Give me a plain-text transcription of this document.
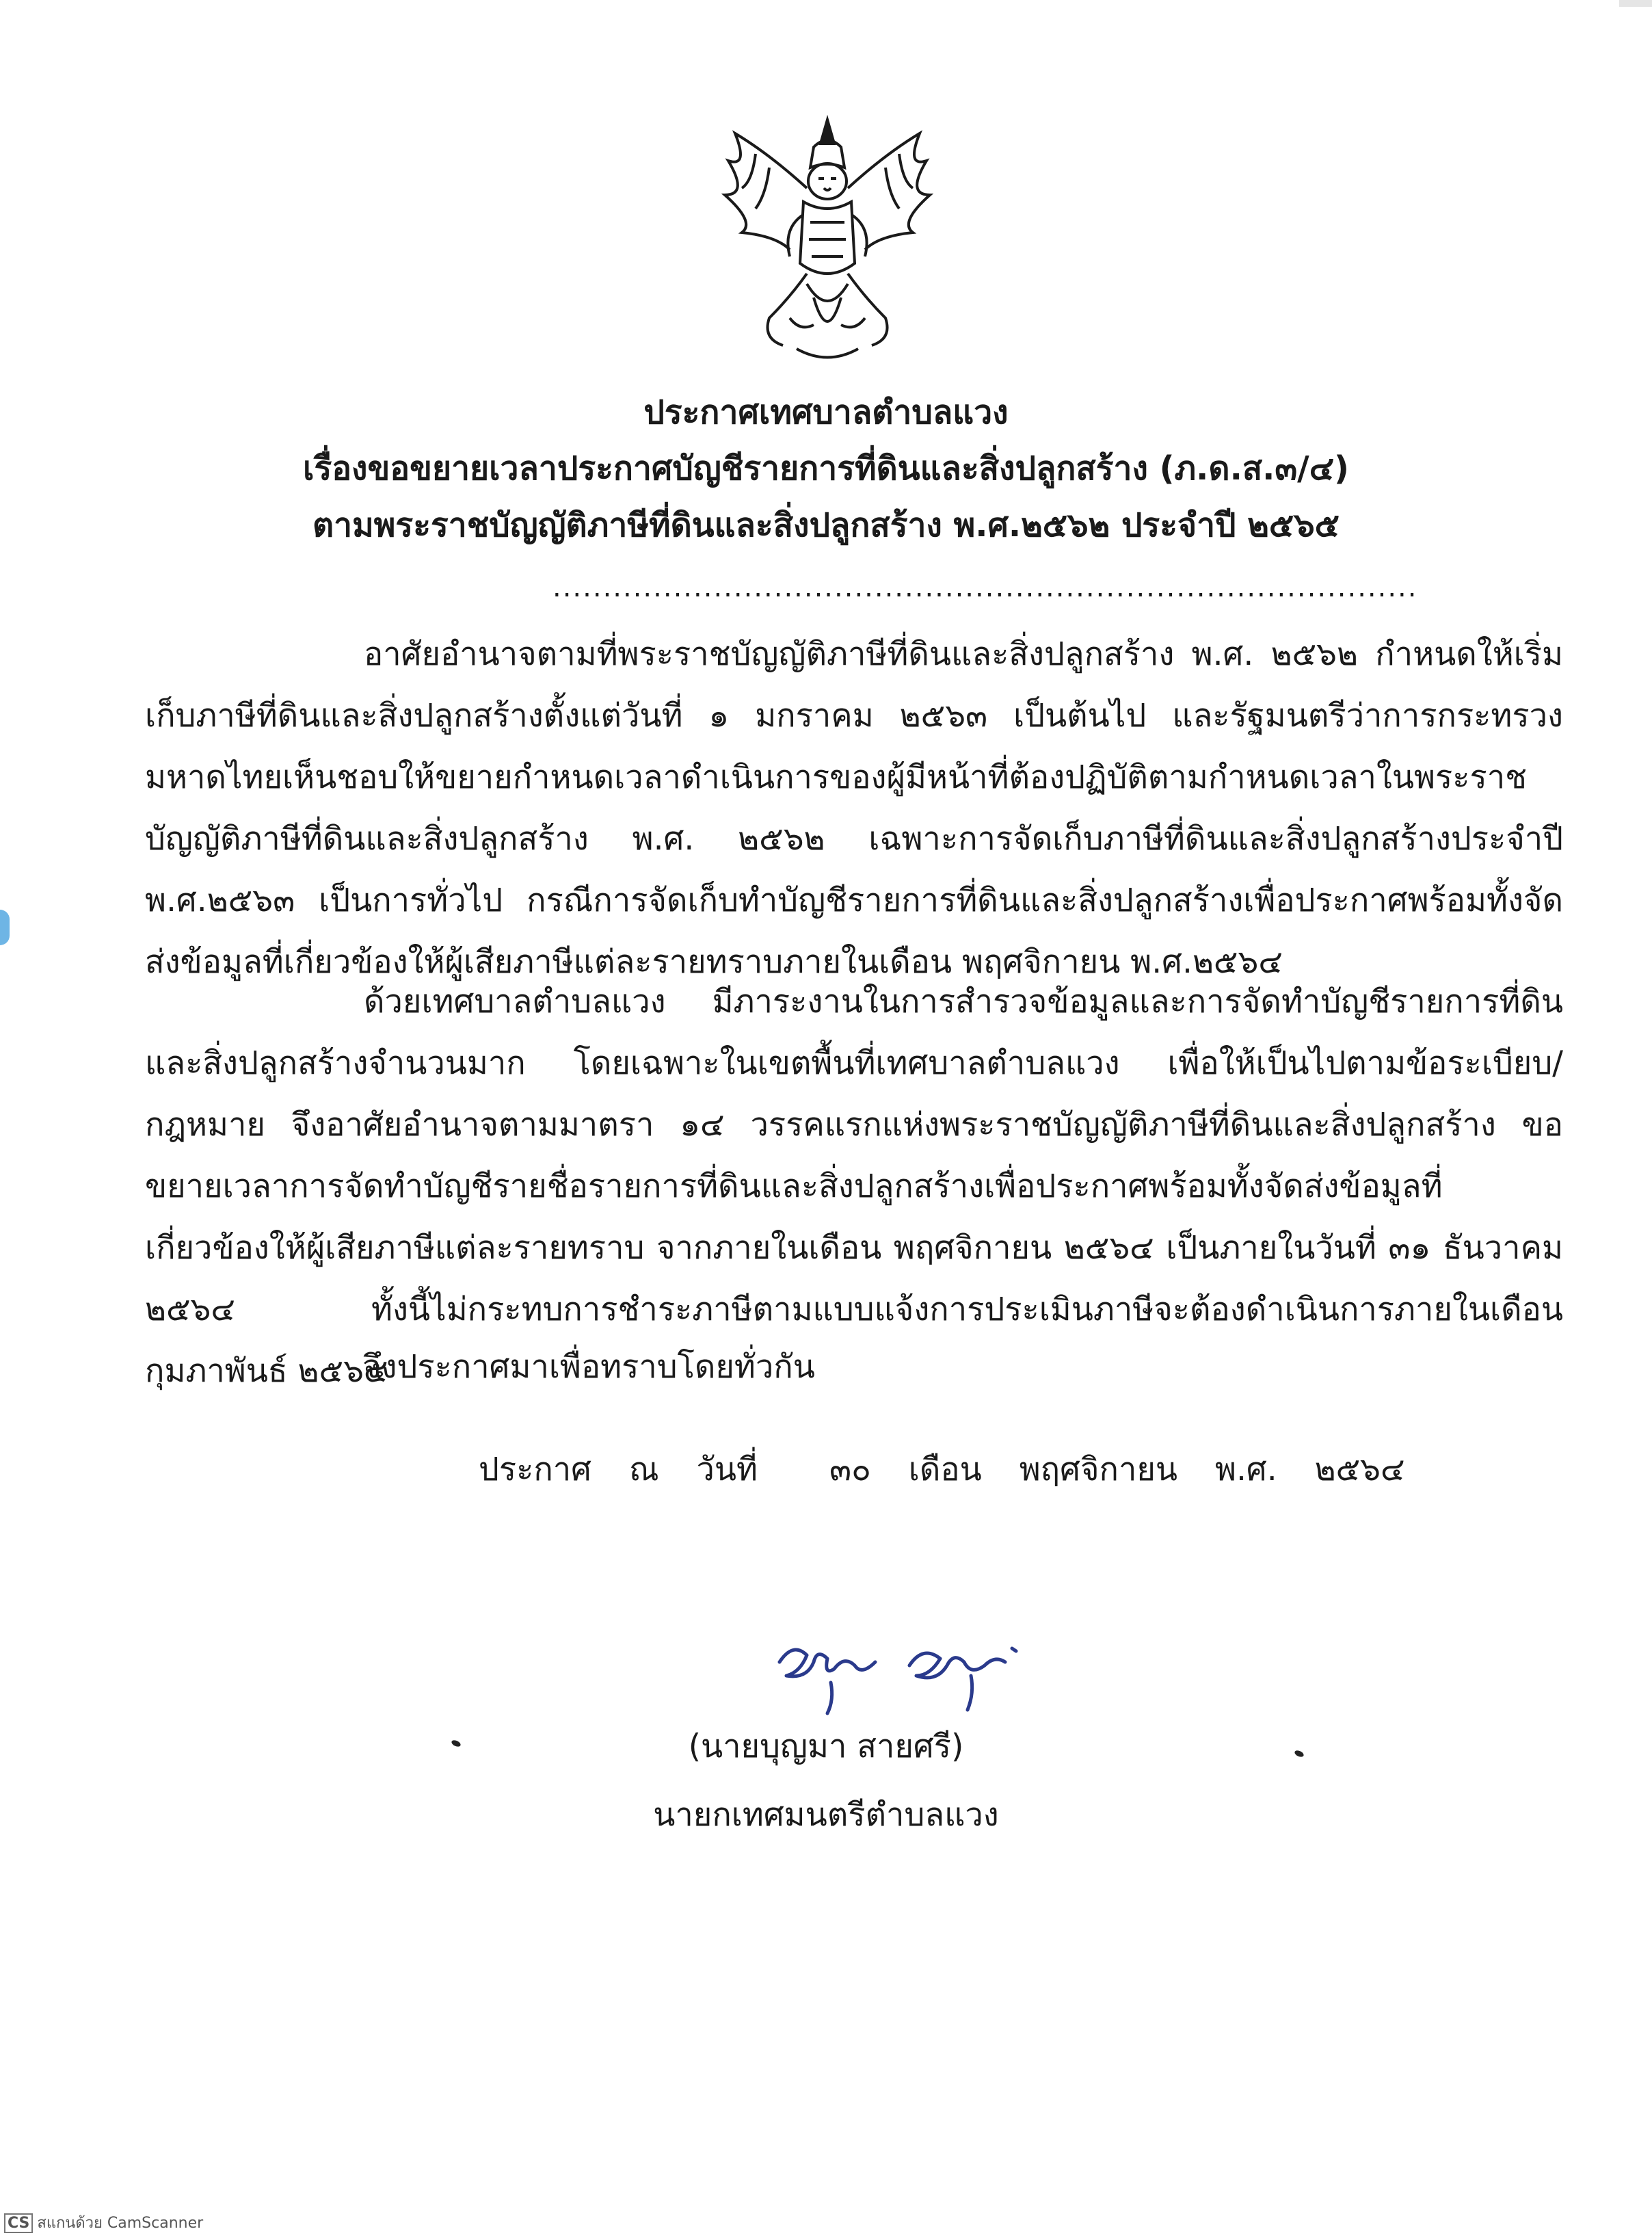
ประกาศเทศบาลตำบลแวง
เรื่องขอขยายเวลาประกาศบัญชีรายการที่ดินและสิ่งปลูกสร้าง (ภ.ด.ส.๓/๔)
ตามพระราชบัญญัติภาษีที่ดินและสิ่งปลูกสร้าง พ.ศ.๒๕๖๒ ประจำปี ๒๕๖๕
......................................................................................
อาศัยอำนาจตามที่พระราชบัญญัติภาษีที่ดินและสิ่งปลูกสร้าง พ.ศ. ๒๕๖๒ กำหนดให้เริ่มเก็บภาษีที่ดินและสิ่งปลูกสร้างตั้งแต่วันที่ ๑ มกราคม ๒๕๖๓ เป็นต้นไป และรัฐมนตรีว่าการกระทรวงมหาดไทยเห็นชอบให้ขยายกำหนดเวลาดำเนินการของผู้มีหน้าที่ต้องปฏิบัติตามกำหนดเวลาในพระราชบัญญัติภาษีที่ดินและสิ่งปลูกสร้าง พ.ศ. ๒๕๖๒ เฉพาะการจัดเก็บภาษีที่ดินและสิ่งปลูกสร้างประจำปี พ.ศ.๒๕๖๓ เป็นการทั่วไป กรณีการจัดเก็บทำบัญชีรายการที่ดินและสิ่งปลูกสร้างเพื่อประกาศพร้อมทั้งจัดส่งข้อมูลที่เกี่ยวข้องให้ผู้เสียภาษีแต่ละรายทราบภายในเดือน พฤศจิกายน พ.ศ.๒๕๖๔
ด้วยเทศบาลตำบลแวง มีภาระงานในการสำรวจข้อมูลและการจัดทำบัญชีรายการที่ดินและสิ่งปลูกสร้างจำนวนมาก โดยเฉพาะในเขตพื้นที่เทศบาลตำบลแวง เพื่อให้เป็นไปตามข้อระเบียบ/กฎหมาย จึงอาศัยอำนาจตามมาตรา ๑๔ วรรคแรกแห่งพระราชบัญญัติภาษีที่ดินและสิ่งปลูกสร้าง ขอขยายเวลาการจัดทำบัญชีรายชื่อรายการที่ดินและสิ่งปลูกสร้างเพื่อประกาศพร้อมทั้งจัดส่งข้อมูลที่เกี่ยวข้องให้ผู้เสียภาษีแต่ละรายทราบ จากภายในเดือน พฤศจิกายน ๒๕๖๔ เป็นภายในวันที่ ๓๑ ธันวาคม ๒๕๖๔ ทั้งนี้ไม่กระทบการชำระภาษีตามแบบแจ้งการประเมินภาษีจะต้องดำเนินการภายในเดือน กุมภาพันธ์ ๒๕๖๕
จึงประกาศมาเพื่อทราบโดยทั่วกัน
ประกาศ ณ วันที่ ๓๐ เดือน พฤศจิกายน พ.ศ. ๒๕๖๔
(นายบุญมา สายศรี)
นายกเทศมนตรีตำบลแวง
CS สแกนด้วย CamScanner
